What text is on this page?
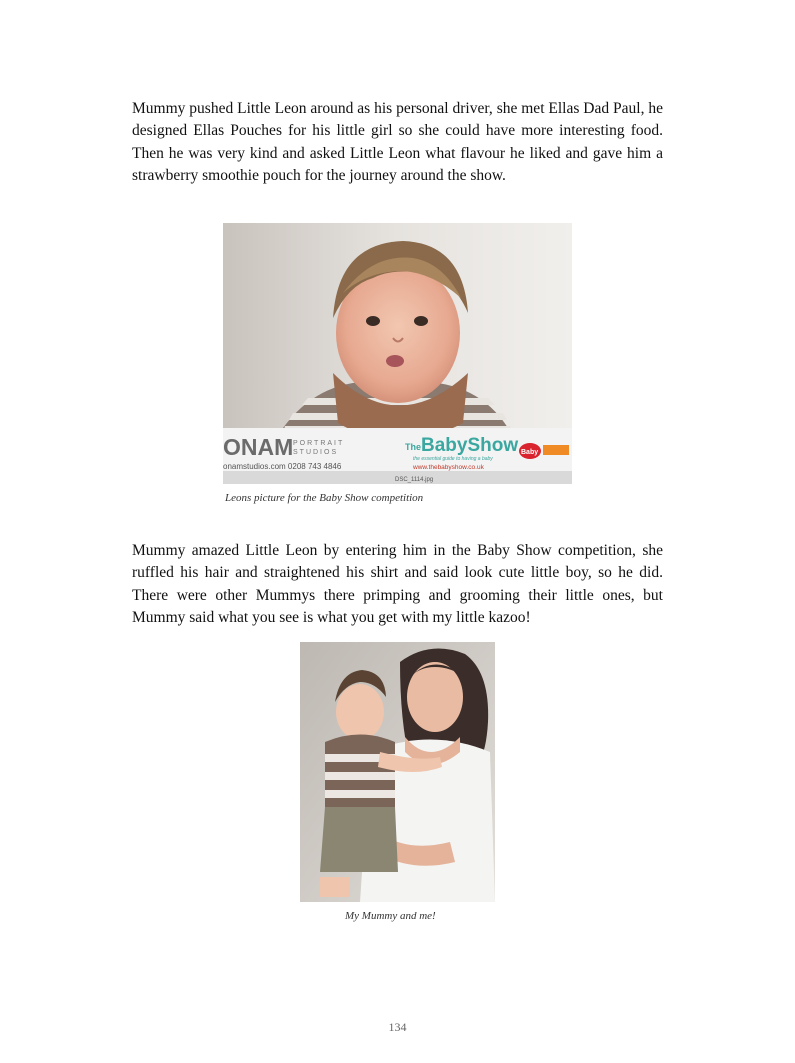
Mummy pushed Little Leon around as his personal driver, she met Ellas Dad Paul, he designed Ellas Pouches for his little girl so she could have more interesting food. Then he was very kind and asked Little Leon what flavour he liked and gave him a strawberry smoothie pouch for the journey around the show.

ONAM PORTRAIT
STUDIOS
onamstudios.com 0208 743 4846
The BabyShow
the essential guide to having a baby
www.thebabyshow.co.uk
Baby
DSC_1114.jpg

Leons picture for the Baby Show competition

Mummy amazed Little Leon by entering him in the Baby Show competition, she ruffled his hair and straightened his shirt and said look cute little boy, so he did. There were other Mummys there primping and grooming their little ones, but Mummy said what you see is what you get with my little kazoo!

My Mummy and me!

134
